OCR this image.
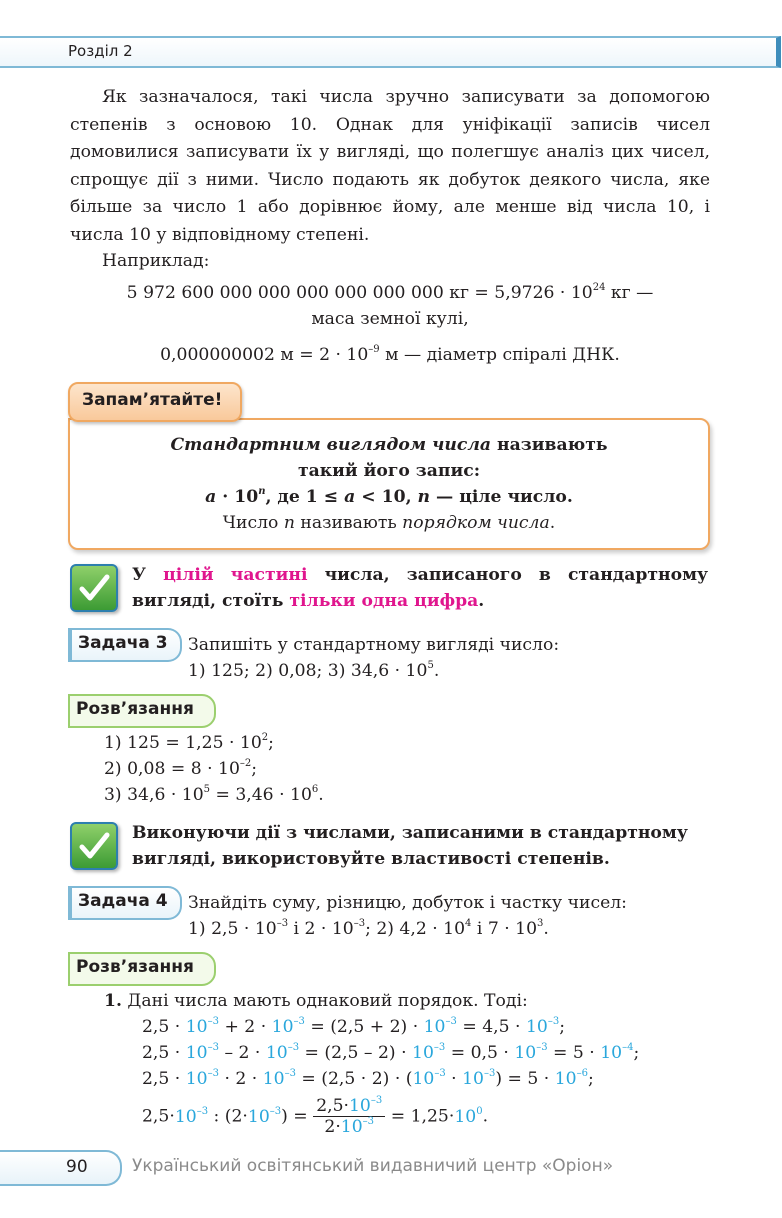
Розділ 2
Як зазначалося, такі числа зручно записувати за допомогою степенів з основою 10. Однак для уніфікації записів чисел домовилися записувати їх у вигляді, що полегшує аналіз цих чисел, спрощує дії з ними. Число подають як добуток деякого числа, яке більше за число 1 або дорівнює йому, але менше від числа 10, і числа 10 у відповідному степені.
Наприклад:
5 972 600 000 000 000 000 000 000 кг = $5,9726 \cdot 10^{24}$ кг —
маса земної кулі,
0,000000002 $м = 2 \cdot 10^{-9}$ м — діаметр спіралі ДНК.
Стандартним виглядом числа називають
такий його запис:
$a \cdot 10^n$, де 1 ≤ a < 10, n — ціле число.
Число n називають порядком числа.
Запам’ятайте!
У цілій частині числа, записаного в стандартному
вигляді, стоїть тільки одна цифра.
Задача 3 Запишіть у стандартному вигляді число:
1) 125; 2) 0,08; 3) $34,6 \cdot 10^5$.
Розв’язання
1) $125 = 1,25 \cdot 10^2$;
2) $0,08 = 8 \cdot 10^{-2}$;
3) $34,6 \cdot 10^5 = 3,46 \cdot 10^6$.
Виконуючи дії з числами, записаними в стандартному
вигляді, використовуйте властивості степенів.
Задача 4 Знайдіть суму, різницю, добуток і частку чисел:
1) $2,5 \cdot 10^{-3}$ і $2 \cdot 10^{-3}$; 2) $4,2 \cdot 10^4$ і $7 \cdot 10^3$.
Розв’язання
1. Дані числа мають однаковий порядок. Тоді:
$2,5 \cdot 10^{-3} + 2 \cdot 10^{-3} = (2,5 + 2) \cdot 10^{-3} = 4,5 \cdot 10^{-3}$;
$2,5 \cdot 10^{-3} - 2 \cdot 10^{-3} = (2,5 - 2) \cdot 10^{-3} = 0,5 \cdot 10^{-3} = 5 \cdot 10^{-4}$;
$2,5 \cdot 10^{-3} \cdot 2 \cdot 10^{-3} = (2,5 \cdot 2) \cdot (10^{-3} \cdot 10^{-3}) = 5 \cdot 10^{-6}$;
$2,5\cdot 10^{-3}$ : $(2\cdot 10^{-3}) = \frac{2,5\cdot 10^{-3}}{2\cdot 10^{-3}} = 1,25\cdot 10^0$.
90	Український освітянський видавничий центр «Оріон»
